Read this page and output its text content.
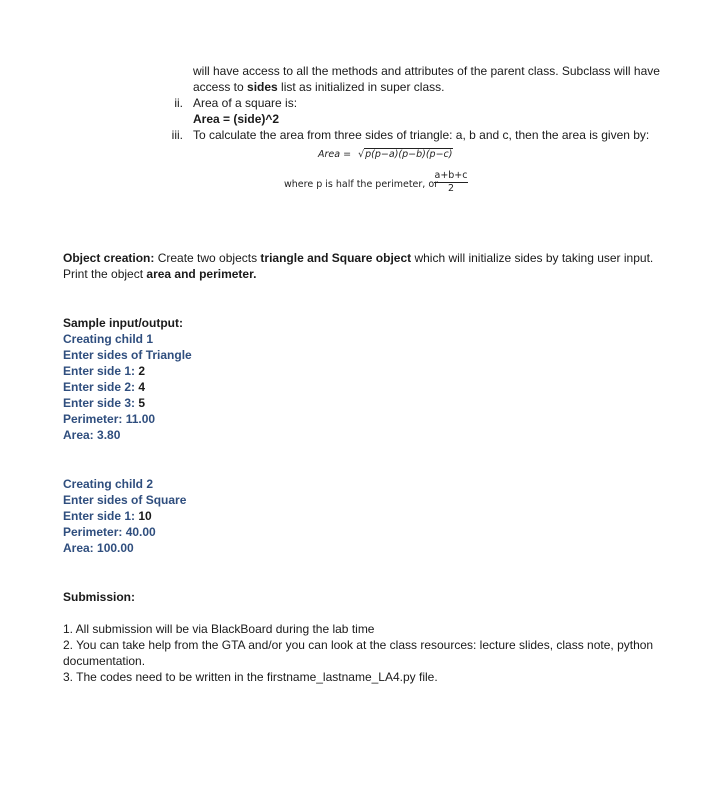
will have access to all the methods and attributes of the parent class. Subclass will have
access to sides list as initialized in super class.
ii. Area of a square is:
Area = (side)^2
iii. To calculate the area from three sides of triangle: a, b and c, then the area is given by:
Area = √p(p−a)(p−b)(p−c)
where p is half the perimeter, or
a+b+c
2
Object creation: Create two objects triangle and Square object which will initialize sides by taking user input.
Print the object area and perimeter.
Sample input/output:
Creating child 1
Enter sides of Triangle
Enter side 1: 2
Enter side 2: 4
Enter side 3: 5
Perimeter: 11.00
Area: 3.80
Creating child 2
Enter sides of Square
Enter side 1: 10
Perimeter: 40.00
Area: 100.00
Submission:
1. All submission will be via BlackBoard during the lab time
2. You can take help from the GTA and/or you can look at the class resources: lecture slides, class note, python
documentation.
3. The codes need to be written in the firstname_lastname_LA4.py file.
